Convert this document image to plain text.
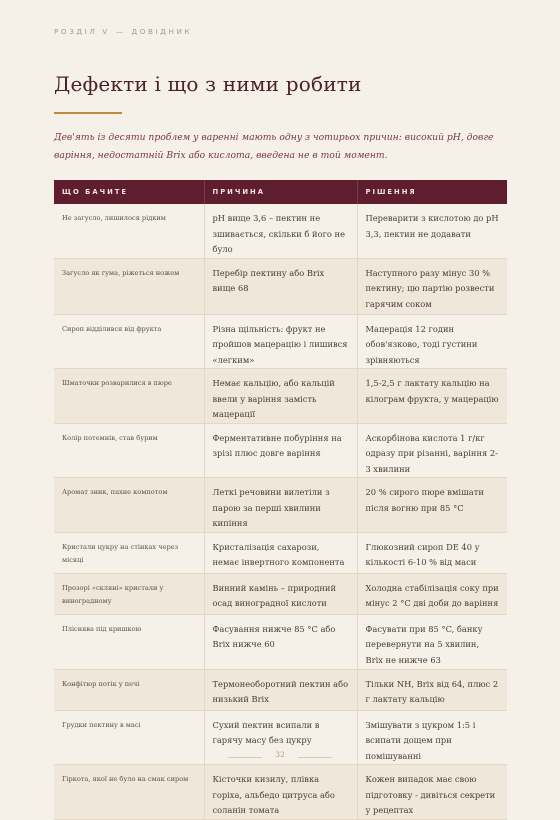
РОЗДІЛ V — ДОВІДНИК
Дефекти і що з ними робити

Дев'ять із десяти проблем у варенні мають одну з чотирьох причин: високий pH, довге варіння, недостатній Brix або кислота, введена не в той момент.

ЩО БАЧИТЕ	ПРИЧИНА	РІШЕННЯ
Не загусло, лишилося рідким	pH вище 3,6 – пектин не зшивається, скільки б його не було	Переварити з кислотою до pH 3,3, пектин не додавати
Загусло як гума, ріжеться ножем	Перебір пектину або Brix вище 68	Наступного разу мінус 30 % пектину; цю партію розвести гарячим соком
Сироп відділився від фрукта	Різна щільність: фрукт не пройшов мацерацію і лишився «легким»	Мацерація 12 годин обов'язково, тоді густини зрівняються
Шматочки розварилися в пюре	Немає кальцію, або кальцій ввели у варіння замість мацерації	1,5-2,5 г лактату кальцію на кілограм фрукта, у мацерацію
Колір потемнів, став бурим	Ферментативне побуріння на зрізі плюс довге варіння	Аскорбінова кислота 1 г/кг одразу при різанні, варіння 2-3 хвилини
Аромат зник, пахне компотом	Леткі речовини вилетіли з парою за перші хвилини кипіння	20 % сирого пюре вмішати після вогню при 85 °C
Кристали цукру на стінках через місяці	Кристалізація сахарози, немає інвертного компонента	Глюкозний сироп DE 40 у кількості 6-10 % від маси
Прозорі «скляні» кристали у виноградному	Винний камінь – природний осад виноградної кислоти	Холодна стабілізація соку при мінус 2 °C дві доби до варіння
Пліснява під кришкою	Фасування нижче 85 °C або Brix нижче 60	Фасувати при 85 °C, банку перевернути на 5 хвилин, Brix не нижче 63
Конфітюр потік у печі	Термонеоборотний пектин або низький Brix	Тільки NH, Brix від 64, плюс 2 г лактату кальцію
Грудки пектину в масі	Сухий пектин всипали в гарячу масу без цукру	Змішувати з цукром 1:5 і всипати дощем при помішуванні
Гіркота, якої не було на смак сиром	Кісточки кизилу, плівка горіха, альбедо цитруса або соланін томата	Кожен випадок має свою підготовку - дивіться секрети у рецептах
32
